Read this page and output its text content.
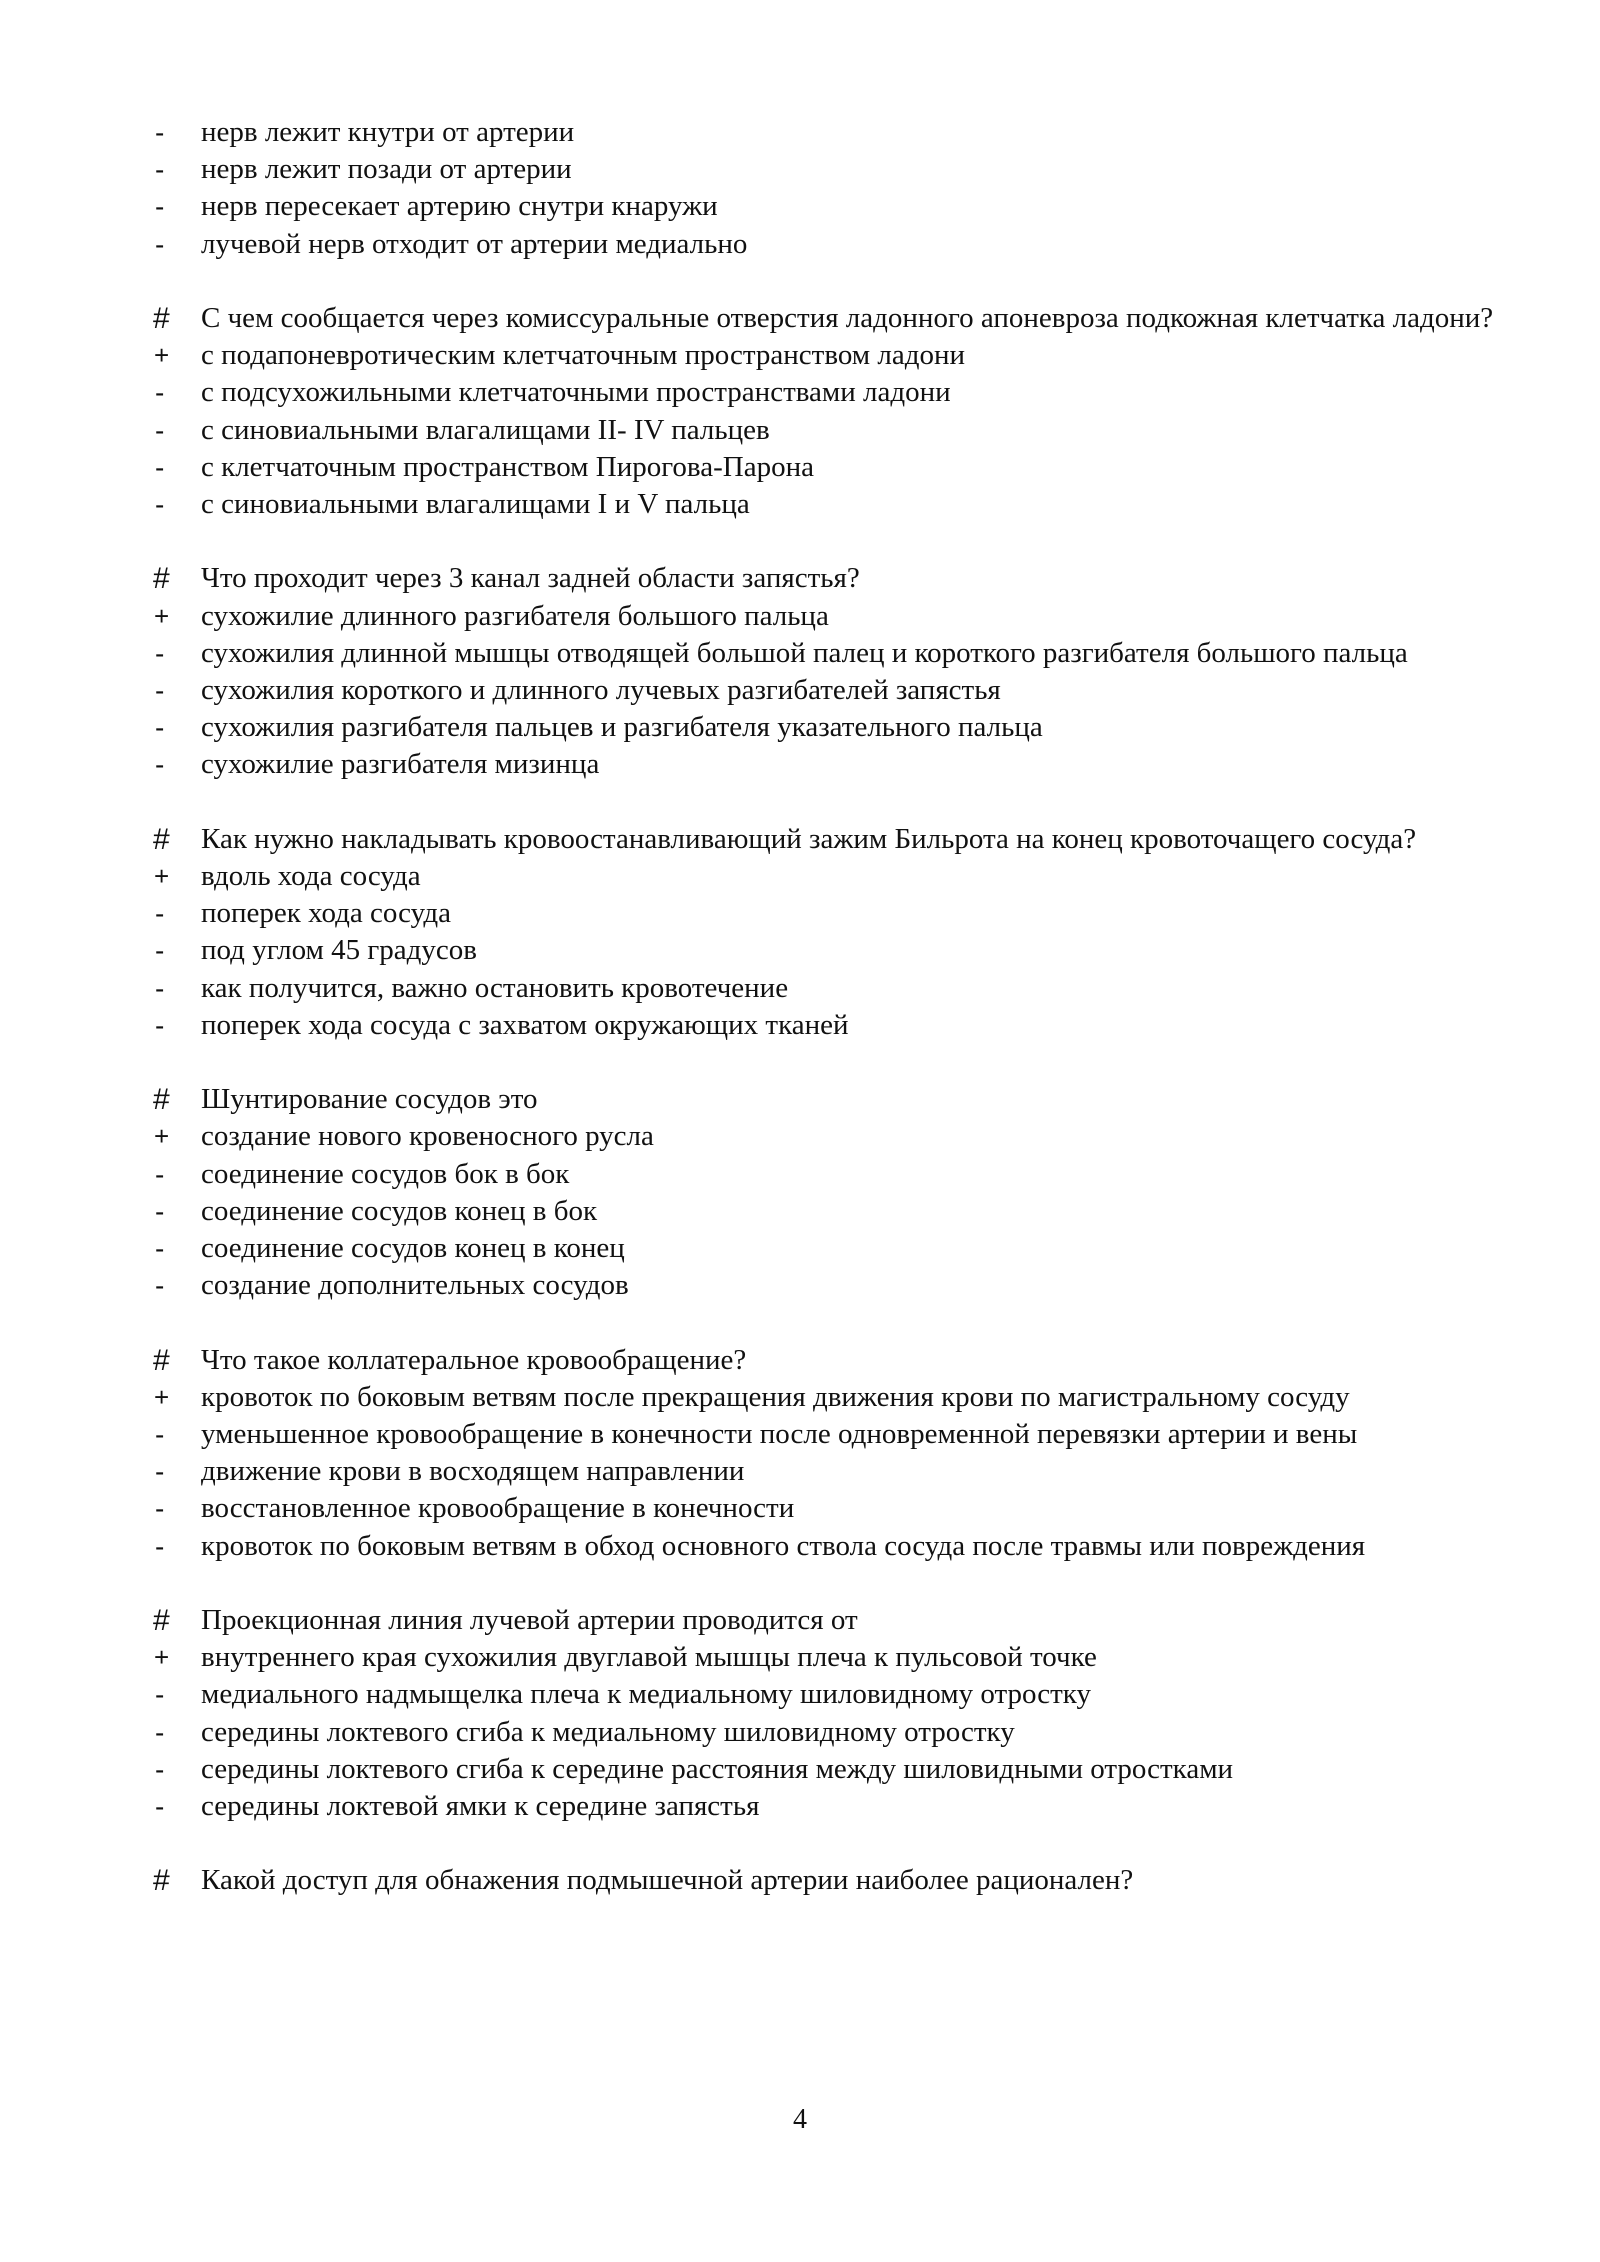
-	нерв лежит кнутри от артерии
-	нерв лежит позади от артерии
-	нерв пересекает артерию снутри кнаружи
-	лучевой нерв отходит от артерии медиально
#	С чем сообщается через комиссуральные отверстия ладонного апоневроза подкожная клетчатка ладони?
+	с подапоневротическим клетчаточным пространством ладони
-	с подсухожильными клетчаточными пространствами ладони
-	с синовиальными влагалищами II- IV пальцев
-	с клетчаточным пространством Пирогова-Парона
-	с синовиальными влагалищами I и V пальца
#	Что проходит через 3 канал задней области запястья?
+	сухожилие длинного разгибателя большого пальца
-	сухожилия длинной мышцы отводящей большой палец и короткого разгибателя большого пальца
-	сухожилия короткого и длинного лучевых разгибателей запястья
-	сухожилия разгибателя пальцев и разгибателя указательного пальца
-	сухожилие разгибателя мизинца
#	Как нужно накладывать кровоостанавливающий зажим Бильрота на конец кровоточащего сосуда?
+	вдоль хода сосуда
-	поперек хода сосуда
-	под углом 45 градусов
-	как получится, важно остановить кровотечение
-	поперек хода сосуда с захватом окружающих тканей
#	Шунтирование сосудов это
+	создание нового кровеносного русла
-	соединение сосудов бок в бок
-	соединение сосудов конец в бок
-	соединение сосудов конец в конец
-	создание дополнительных сосудов
#	Что такое коллатеральное кровообращение?
+	кровоток по боковым ветвям после прекращения движения крови по магистральному сосуду
-	уменьшенное кровообращение в конечности после одновременной перевязки артерии и вены
-	движение крови в восходящем направлении
-	восстановленное кровообращение в конечности
-	кровоток по боковым ветвям в обход основного ствола сосуда после травмы или повреждения
#	Проекционная линия лучевой артерии проводится от
+	внутреннего края сухожилия двуглавой мышцы плеча к пульсовой точке
-	медиального надмыщелка плеча к медиальному шиловидному отростку
-	середины локтевого сгиба к медиальному шиловидному отростку
-	середины локтевого сгиба к середине расстояния между шиловидными отростками
-	середины локтевой ямки к середине запястья
#	Какой доступ для обнажения подмышечной артерии наиболее рационален?
4
